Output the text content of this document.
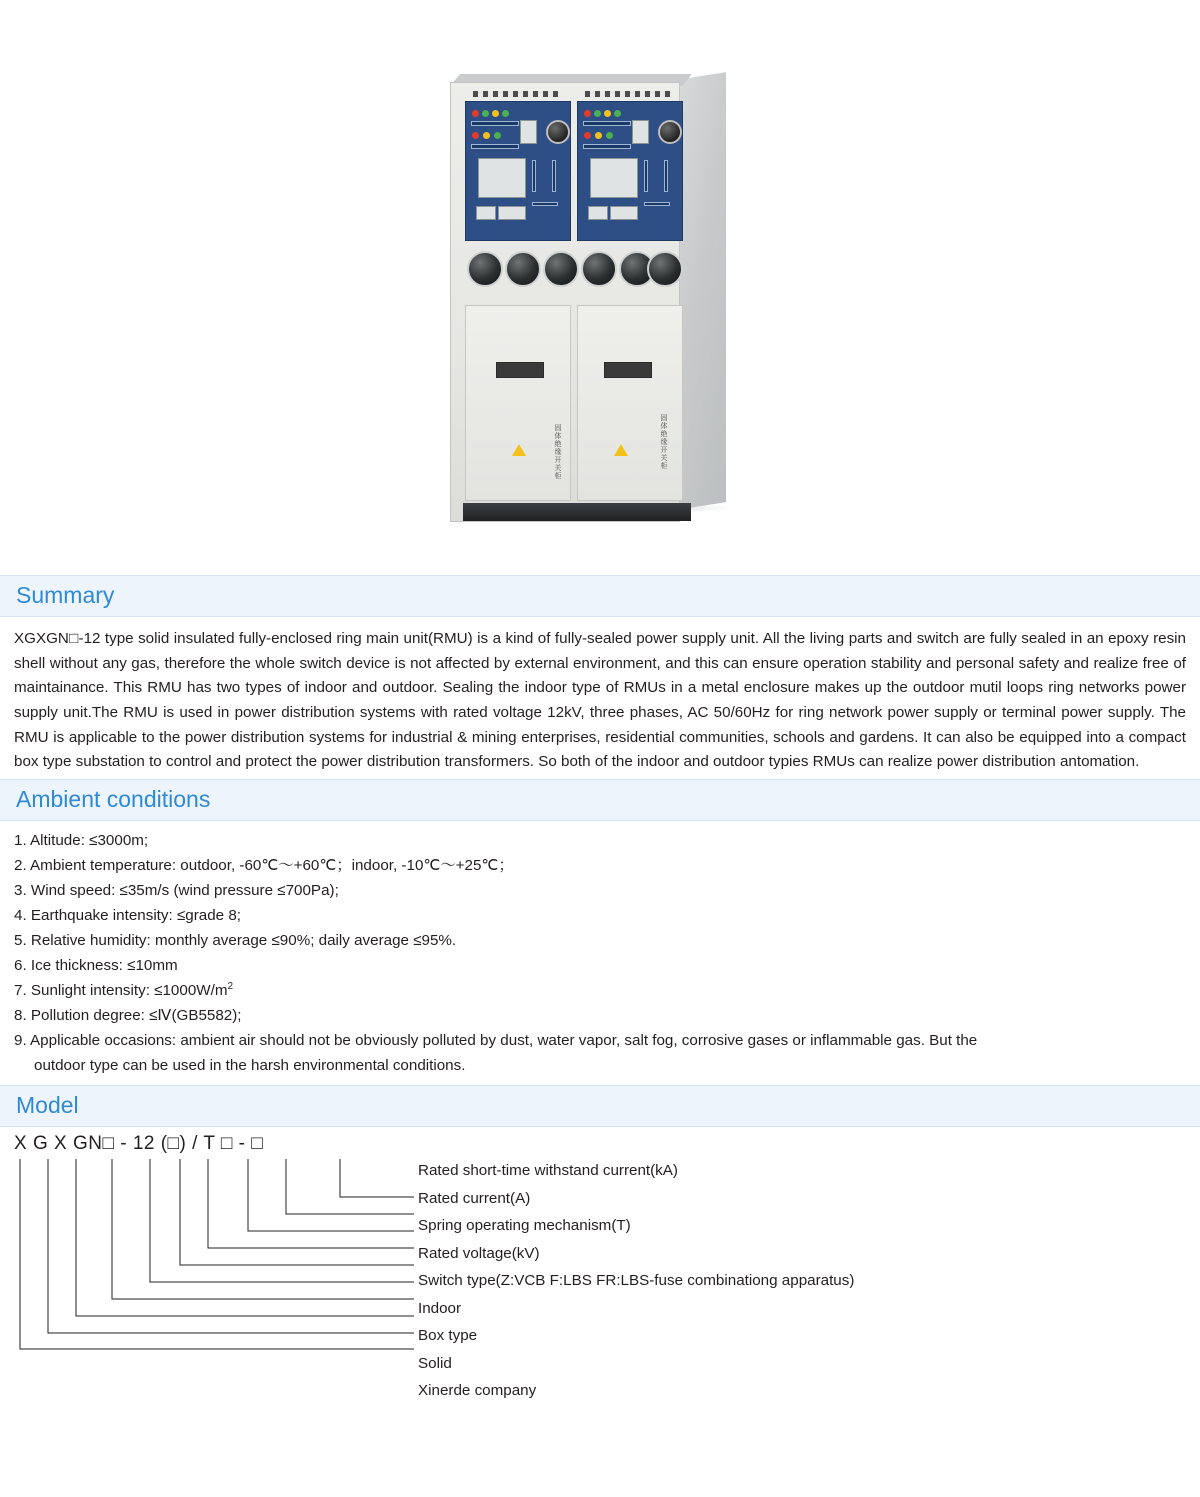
固体绝缘开关柜	固体绝缘开关柜
Summary
XGXGN□-12 type solid insulated fully-enclosed ring main unit(RMU) is a kind of fully-sealed power supply unit. All the living parts and switch are fully sealed in an epoxy resin shell without any gas, therefore the whole switch device is not affected by external environment, and this can ensure operation stability and personal safety and realize free of maintainance. This RMU has two types of indoor and outdoor. Sealing the indoor type of RMUs in a metal enclosure makes up the outdoor mutil loops ring networks power supply unit.The RMU is used in power distribution systems with rated voltage 12kV, three phases, AC 50/60Hz for ring network power supply or terminal power supply. The RMU is applicable to the power distribution systems for industrial & mining enterprises, residential communities, schools and gardens. It can also be equipped into a compact box type substation to control and protect the power distribution transformers. So both of the indoor and outdoor typies RMUs can realize power distribution antomation.
Ambient conditions
1. Altitude: ≤3000m;
2. Ambient temperature: outdoor, -60℃～+60℃；indoor, -10℃～+25℃；
3. Wind speed: ≤35m/s (wind pressure ≤700Pa);
4. Earthquake intensity: ≤grade 8;
5. Relative humidity: monthly average ≤90%; daily average ≤95%.
6. Ice thickness: ≤10mm
7. Sunlight intensity: $\le 1000W/m^2$
8. Pollution degree: ≤Ⅳ(GB5582);
9. Applicable occasions: ambient air should not be obviously polluted by dust, water vapor, salt fog, corrosive gases or inflammable gas. But the
outdoor type can be used in the harsh environmental conditions.
Model
X G X GN□ - 12 (□) / T □ - □
Rated short-time withstand current(kA)
Rated current(A)
Spring operating mechanism(T)
Rated voltage(kV)
Switch type(Z:VCB F:LBS FR:LBS-fuse combinationg apparatus)
Indoor
Box type
Solid
Xinerde company
